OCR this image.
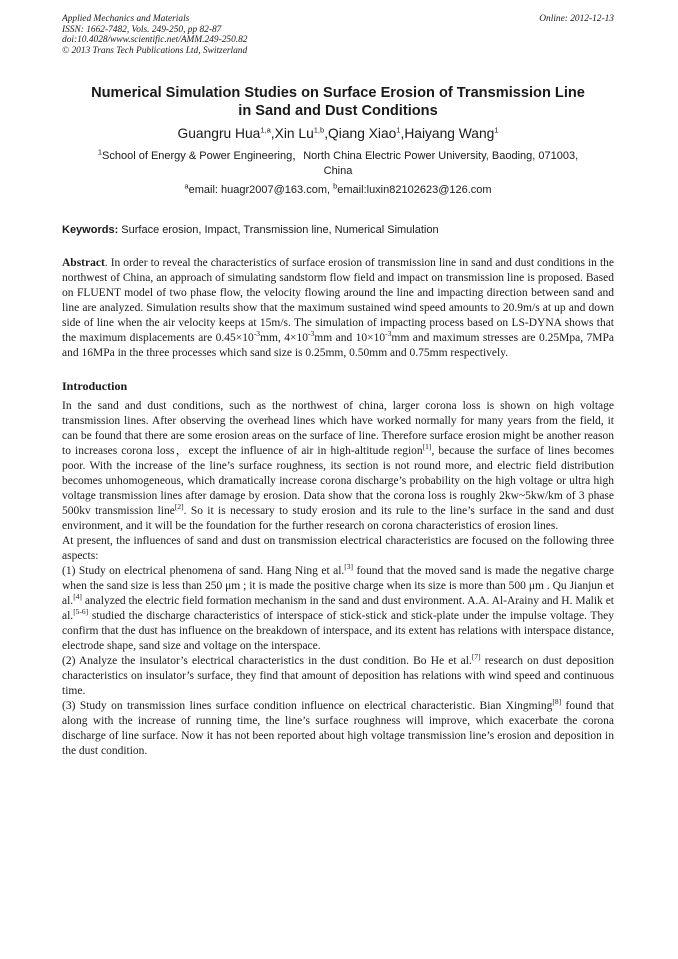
Applied Mechanics and Materials
ISSN: 1662-7482, Vols. 249-250, pp 82-87
doi:10.4028/www.scientific.net/AMM.249-250.82
© 2013 Trans Tech Publications Ltd, Switzerland
Online: 2012-12-13
Numerical Simulation Studies on Surface Erosion of Transmission Line
in Sand and Dust Conditions
Guangru Hua$^{1,a}$,Xin Lu$^{1,b}$,Qiang Xiao$^1$,Haiyang Wang$^1$
$^1$School of Energy & Power Engineering，North China Electric Power University, Baoding, 071003,
China
$^a$email: huagr2007@163.com, $^b$email:luxin82102623@126.com
Keywords: Surface erosion, Impact, Transmission line, Numerical Simulation

Abstract. In order to reveal the characteristics of surface erosion of transmission line in sand and dust conditions in the northwest of China, an approach of simulating sandstorm flow field and impact on transmission line is proposed. Based on FLUENT model of two phase flow, the velocity flowing around the line and impacting direction between sand and line are analyzed. Simulation results show that the maximum sustained wind speed amounts to 20.9m/s at up and down side of line when the air velocity keeps at 15m/s. The simulation of impacting process based on LS-DYNA shows that the maximum displacements are $0.45\times 10^{-3}mm$, $4\times 10^{-3}mm$ and $10\times 10^{-3}mm$ and maximum stresses are 0.25Mpa, 7MPa and 16MPa in the three processes which sand size is 0.25mm, 0.50mm and 0.75mm respectively.

Introduction

In the sand and dust conditions, such as the northwest of china, larger corona loss is shown on high voltage transmission lines. After observing the overhead lines which have worked normally for many years from the field, it can be found that there are some erosion areas on the surface of line. Therefore surface erosion might be another reason to increases corona loss，except the influence of air in high-altitude region[1], because the surface of lines becomes poor. With the increase of the line’s surface roughness, its section is not round more, and electric field distribution becomes unhomogeneous, which dramatically increase corona discharge’s probability on the high voltage or ultra high voltage transmission lines after damage by erosion. Data show that the corona loss is roughly 2kw~5kw/km of 3 phase 500kv transmission line[2]. So it is necessary to study erosion and its rule to the line’s surface in the sand and dust environment, and it will be the foundation for the further research on corona characteristics of erosion lines.

At present, the influences of sand and dust on transmission electrical characteristics are focused on the following three aspects:

(1) Study on electrical phenomena of sand. Hang Ning et al.[3] found that the moved sand is made the negative charge when the sand size is less than 250 μm ; it is made the positive charge when its size is more than 500 μm . Qu Jianjun et al.[4] analyzed the electric field formation mechanism in the sand and dust environment. A.A. Al-Arainy and H. Malik et al.[5-6] studied the discharge characteristics of interspace of stick-stick and stick-plate under the impulse voltage. They confirm that the dust has influence on the breakdown of interspace, and its extent has relations with interspace distance, electrode shape, sand size and voltage on the interspace.

(2) Analyze the insulator’s electrical characteristics in the dust condition. Bo He et al.[7] research on dust deposition characteristics on insulator’s surface, they find that amount of deposition has relations with wind speed and continuous time.

(3) Study on transmission lines surface condition influence on electrical characteristic. Bian Xingming[8] found that along with the increase of running time, the line’s surface roughness will improve, which exacerbate the corona discharge of line surface. Now it has not been reported about high voltage transmission line’s erosion and deposition in the dust condition.
